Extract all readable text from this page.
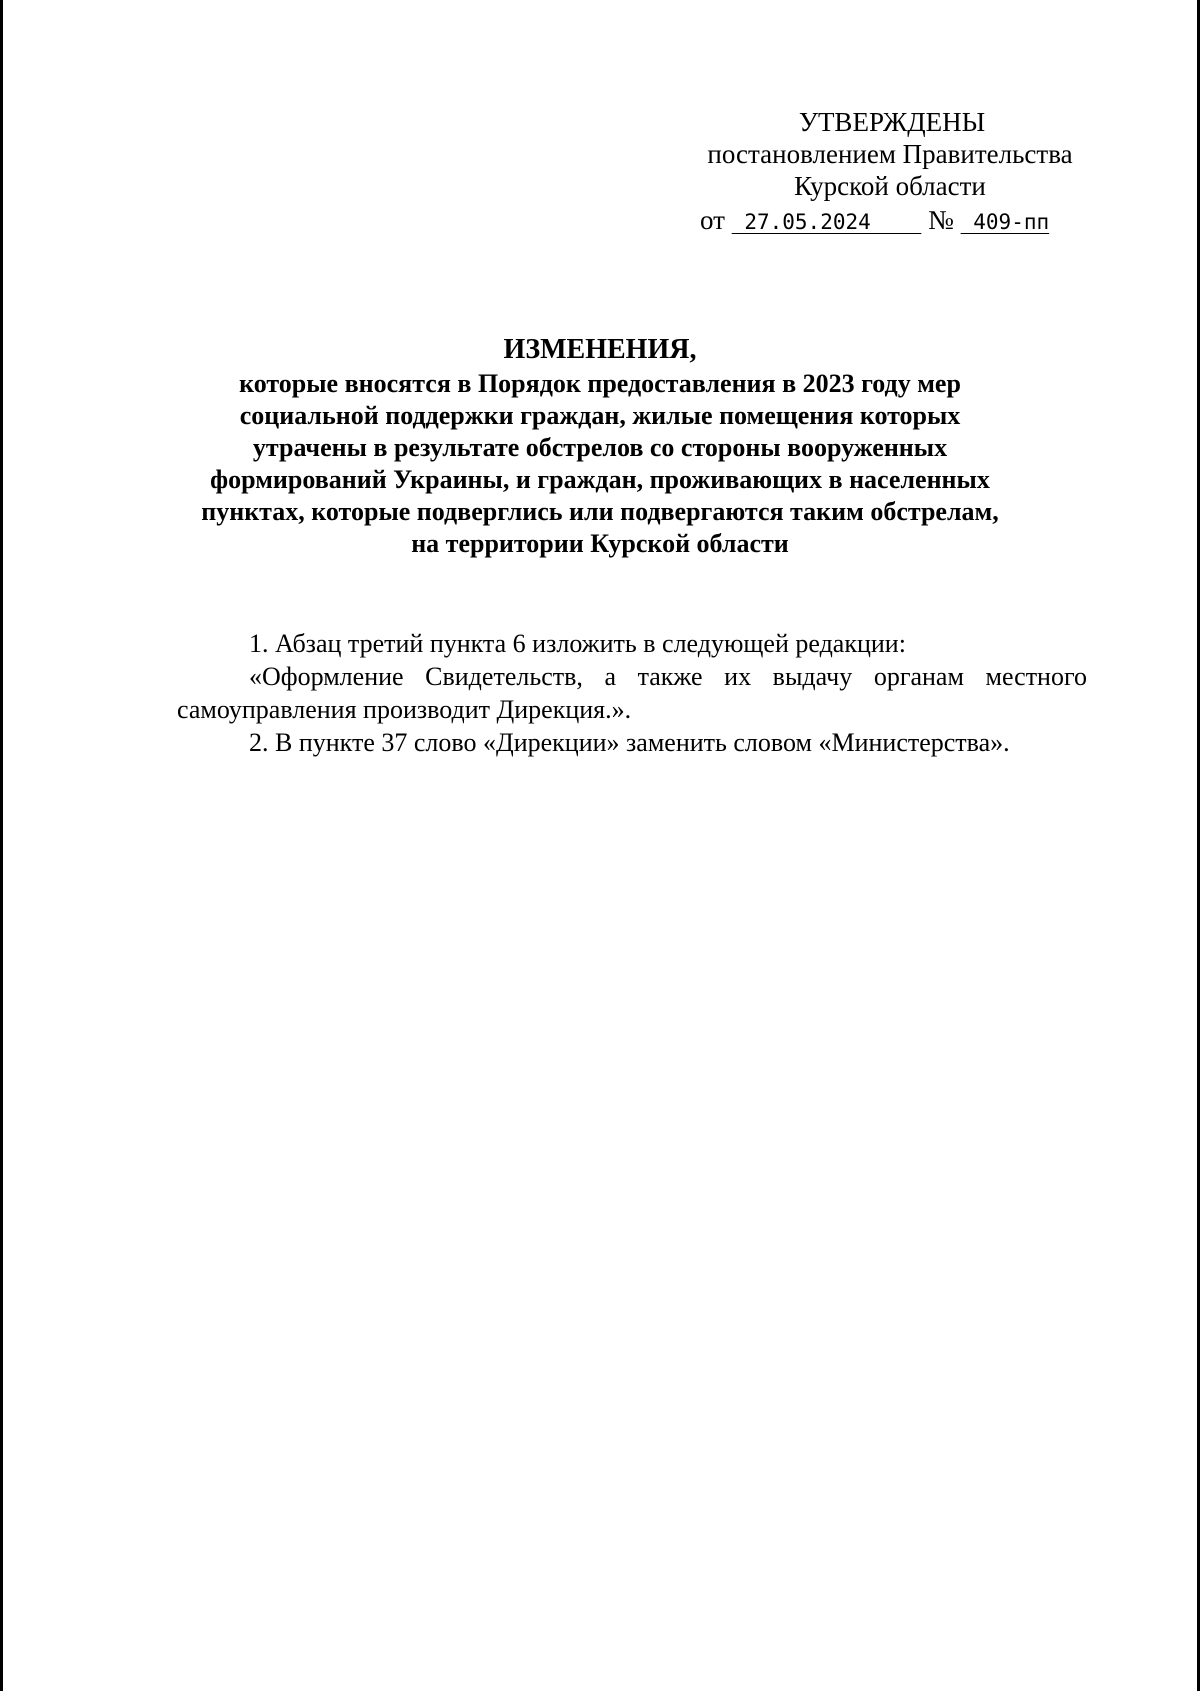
УТВЕРЖДЕНЫ
постановлением Правительства
Курской области
от  27.05.2024     №  409-пп
ИЗМЕНЕНИЯ,
которые вносятся в Порядок предоставления в 2023 году мер
социальной поддержки граждан, жилые помещения которых
утрачены в результате обстрелов со стороны вооруженных
формирований Украины, и граждан, проживающих в населенных
пунктах, которые подверглись или подвергаются таким обстрелам,
на территории Курской области

1. Абзац третий пункта 6 изложить в следующей редакции:

«Оформление Свидетельств, а также их выдачу органам местного самоуправления производит Дирекция.».

2. В пункте 37 слово «Дирекции» заменить словом «Министерства».
